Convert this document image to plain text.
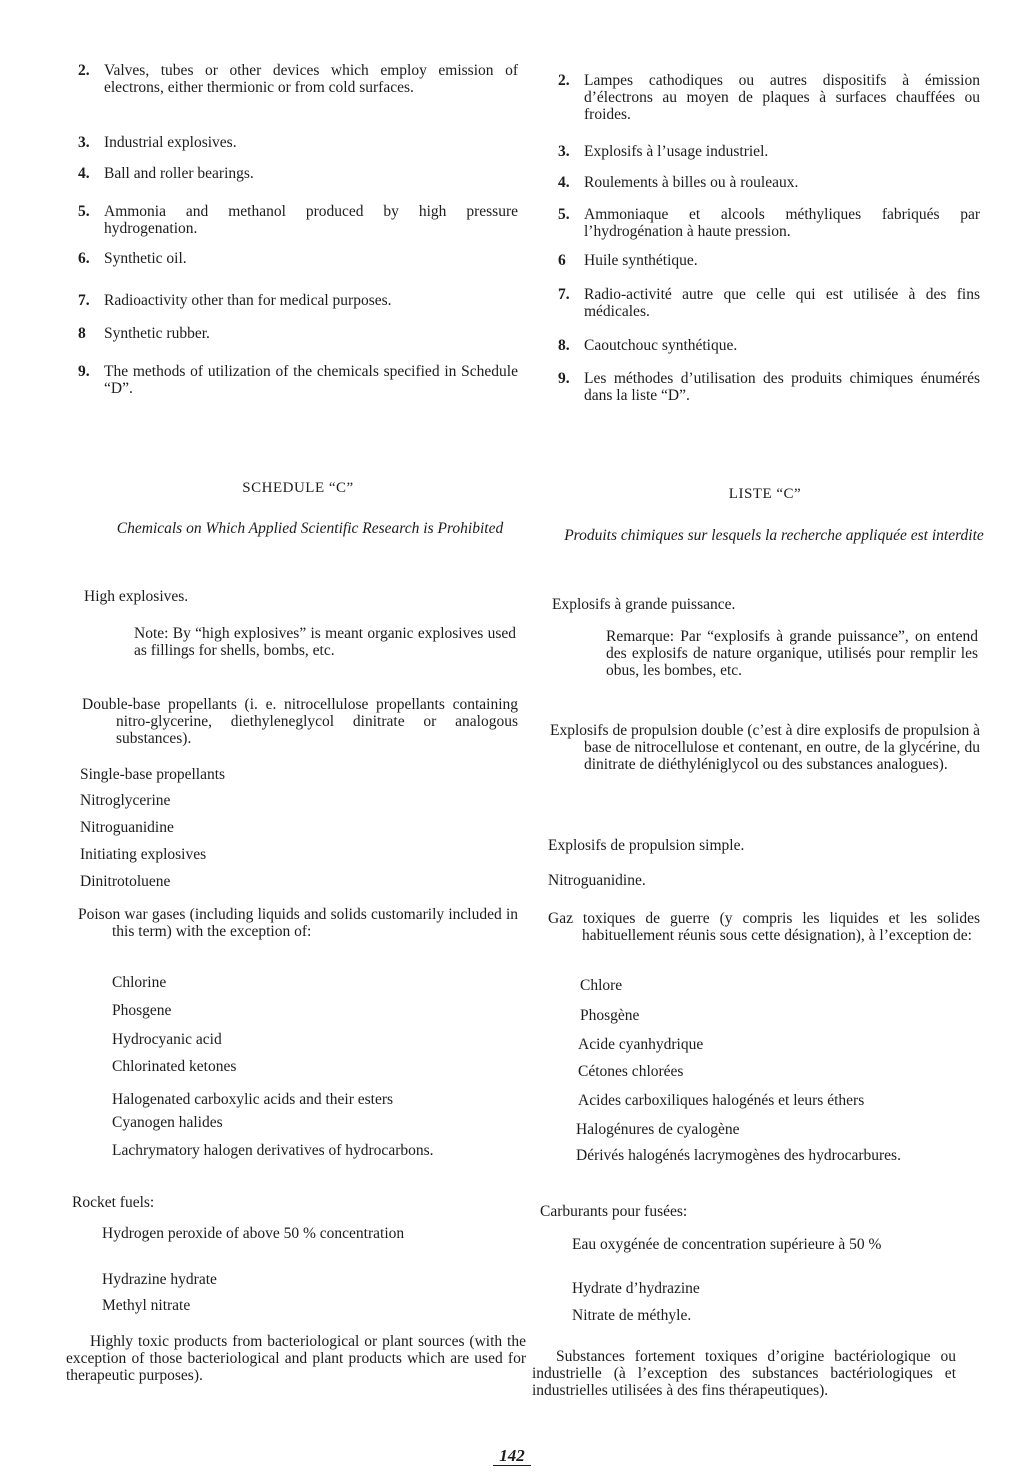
2. Valves, tubes or other devices which employ emission of electrons, either thermionic or from cold surfaces.
3. Industrial explosives.
4. Ball and roller bearings.
5. Ammonia and methanol produced by high pressure hydrogenation.
6. Synthetic oil.
7. Radioactivity other than for medical purposes.
8	Synthetic rubber.
9. The methods of utilization of the chemicals specified in Schedule “D”.
SCHEDULE “C”
Chemicals on Which Applied Scientific Research is Prohibited
High explosives.
Note: By “high explosives” is meant organic explosives used as fillings for shells, bombs, etc.
Double-base propellants (i. e. nitrocellulose propellants containing nitro-glycerine, diethyleneglycol dinitrate or analogous substances).
Single-base propellants
Nitroglycerine
Nitroguanidine
Initiating explosives
Dinitrotoluene
Poison war gases (including liquids and solids customarily included in this term) with the exception of:
Chlorine
Phosgene
Hydrocyanic acid
Chlorinated ketones
Halogenated carboxylic acids and their esters
Cyanogen halides
Lachrymatory halogen derivatives of hydrocarbons.
Rocket fuels:
Hydrogen peroxide of above 50 % concentration
Hydrazine hydrate
Methyl nitrate
Highly toxic products from bacteriological or plant sources (with the exception of those bacteriological and plant products which are used for therapeutic purposes).
2. Lampes cathodiques ou autres dispositifs à émission d’électrons au moyen de plaques à surfaces chauffées ou froides.
3. Explosifs à l’usage industriel.
4. Roulements à billes ou à rouleaux.
5. Ammoniaque et alcools méthyliques fabriqués par l’hydrogénation à haute pression.
6	Huile synthétique.
7. Radio-activité autre que celle qui est utilisée à des fins médicales.
8. Caoutchouc synthétique.
9. Les méthodes d’utilisation des produits chimiques énumérés dans la liste “D”.
LISTE “C”
Produits chimiques sur lesquels la recherche appliquée est interdite
Explosifs à grande puissance.
Remarque: Par “explosifs à grande puissance”, on entend des explosifs de nature organique, utilisés pour remplir les obus, les bombes, etc.
Explosifs de propulsion double (c’est à dire explosifs de propulsion à base de nitrocellulose et contenant, en outre, de la glycérine, du dinitrate de diéthyléniglycol ou des substances analogues).
Explosifs de propulsion simple.
Nitroguanidine.
Gaz toxiques de guerre (y compris les liquides et les solides habituellement réunis sous cette désignation), à l’exception de:
Chlore
Phosgène
Acide cyanhydrique
Cétones chlorées
Acides carboxiliques halogénés et leurs éthers
Halogénures de cyalogène
Dérivés halogénés lacrymogènes des hydrocarbures.
Carburants pour fusées:
Eau oxygénée de concentration supérieure à 50 %
Hydrate d’hydrazine
Nitrate de méthyle.
Substances fortement toxiques d’origine bactériologique ou industrielle (à l’exception des substances bactériologiques et industrielles utilisées à des fins thérapeutiques).
142
